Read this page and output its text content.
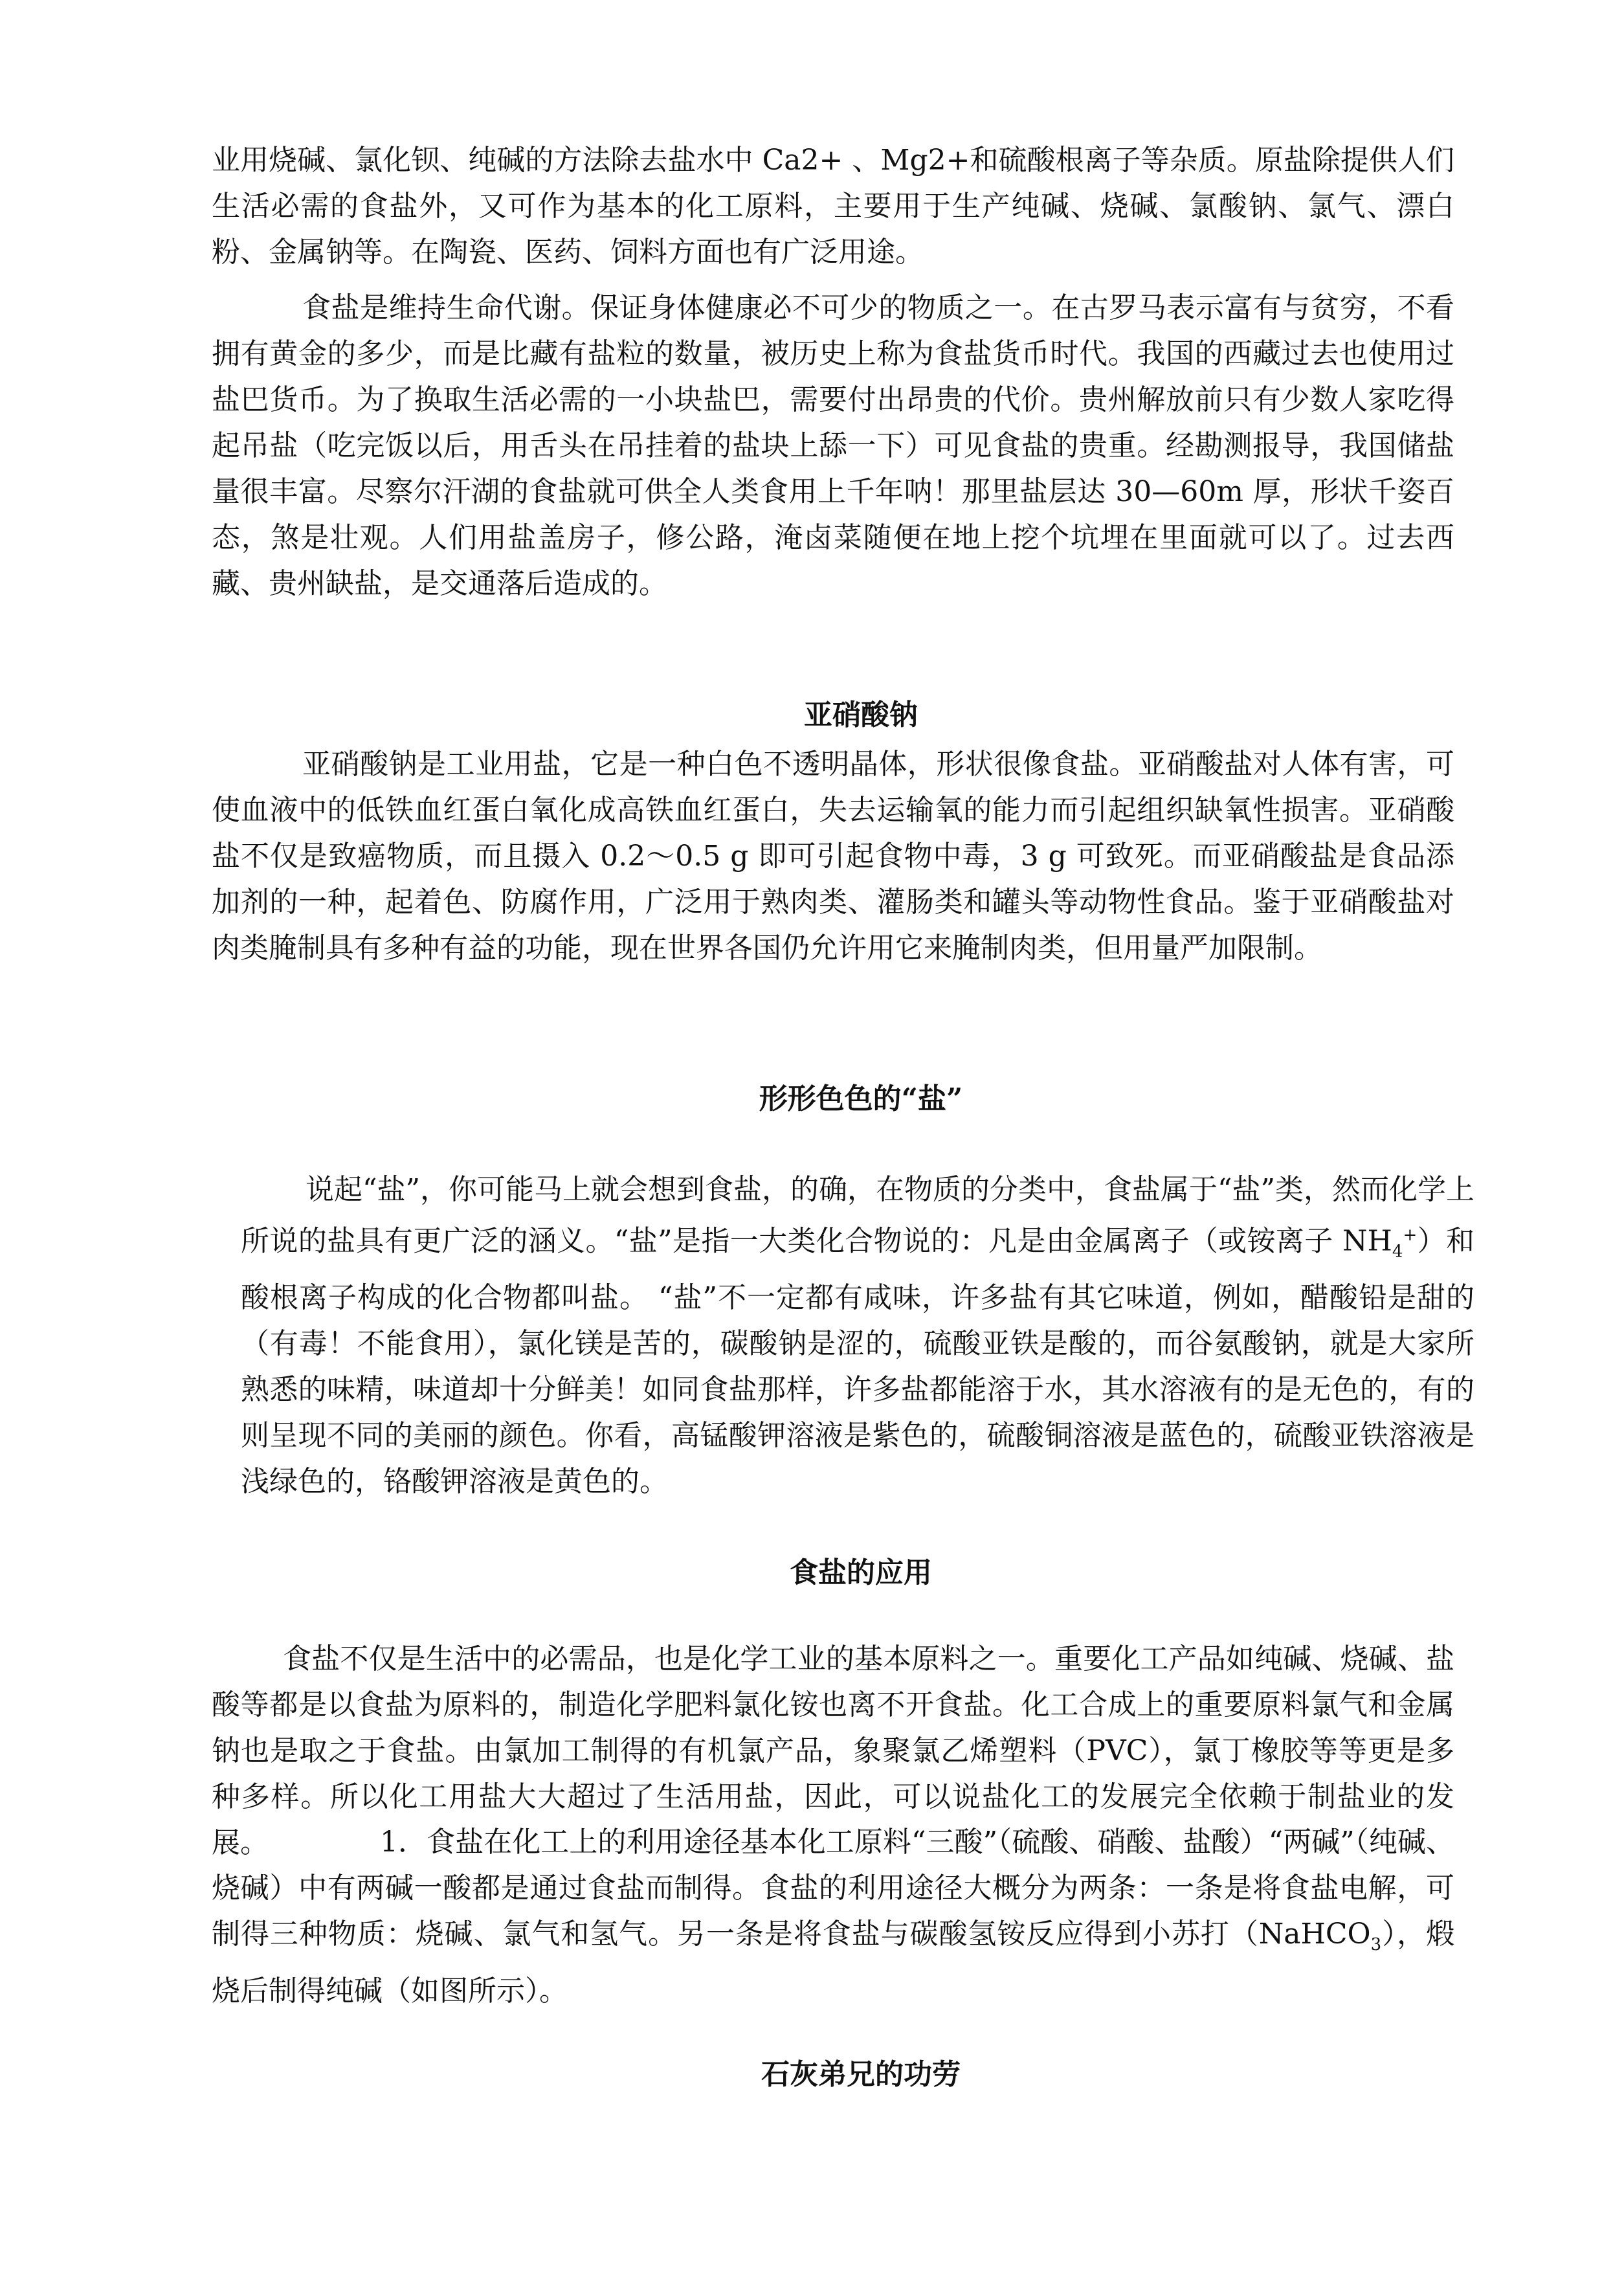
业用烧碱、氯化钡、纯碱的方法除去盐水中 Ca2+ 、Mg2+和硫酸根离子等杂质。原盐除提供人们生活必需的食盐外，又可作为基本的化工原料，主要用于生产纯碱、烧碱、氯酸钠、氯气、漂白粉、金属钠等。在陶瓷、医药、饲料方面也有广泛用途。

食盐是维持生命代谢。保证身体健康必不可少的物质之一。在古罗马表示富有与贫穷，不看拥有黄金的多少，而是比藏有盐粒的数量，被历史上称为食盐货币时代。我国的西藏过去也使用过盐巴货币。为了换取生活必需的一小块盐巴，需要付出昂贵的代价。贵州解放前只有少数人家吃得起吊盐（吃完饭以后，用舌头在吊挂着的盐块上舔一下）可见食盐的贵重。经勘测报导，我国储盐量很丰富。尽察尔汗湖的食盐就可供全人类食用上千年呐！那里盐层达 30—60m 厚，形状千姿百态，煞是壮观。人们用盐盖房子，修公路，淹卤菜随便在地上挖个坑埋在里面就可以了。过去西藏、贵州缺盐，是交通落后造成的。

亚硝酸钠

亚硝酸钠是工业用盐，它是一种白色不透明晶体，形状很像食盐。亚硝酸盐对人体有害，可使血液中的低铁血红蛋白氧化成高铁血红蛋白，失去运输氧的能力而引起组织缺氧性损害。亚硝酸盐不仅是致癌物质，而且摄入 0.2～0.5 g 即可引起食物中毒，3 g 可致死。而亚硝酸盐是食品添加剂的一种，起着色、防腐作用，广泛用于熟肉类、灌肠类和罐头等动物性食品。鉴于亚硝酸盐对肉类腌制具有多种有益的功能，现在世界各国仍允许用它来腌制肉类，但用量严加限制。

形形色色的“盐”

说起“盐”，你可能马上就会想到食盐，的确，在物质的分类中，食盐属于“盐”类，然而化学上所说的盐具有更广泛的涵义。“盐”是指一大类化合物说的：凡是由金属离子（或铵离子 $NH_4^+$）和酸根离子构成的化合物都叫盐。 “盐”不一定都有咸味，许多盐有其它味道，例如，醋酸铅是甜的（有毒！不能食用），氯化镁是苦的，碳酸钠是涩的，硫酸亚铁是酸的，而谷氨酸钠，就是大家所熟悉的味精，味道却十分鲜美！如同食盐那样，许多盐都能溶于水，其水溶液有的是无色的，有的则呈现不同的美丽的颜色。你看，高锰酸钾溶液是紫色的，硫酸铜溶液是蓝色的，硫酸亚铁溶液是浅绿色的，铬酸钾溶液是黄色的。

食盐的应用

食盐不仅是生活中的必需品，也是化学工业的基本原料之一。重要化工产品如纯碱、烧碱、盐酸等都是以食盐为原料的，制造化学肥料氯化铵也离不开食盐。化工合成上的重要原料氯气和金属钠也是取之于食盐。由氯加工制得的有机氯产品，象聚氯乙烯塑料（PVC），氯丁橡胶等等更是多种多样。所以化工用盐大大超过了生活用盐，因此，可以说盐化工的发展完全依赖于制盐业的发展。	1．食盐在化工上的利用途径基本化工原料“三酸”（硫酸、硝酸、盐酸）“两碱”（纯碱、烧碱）中有两碱一酸都是通过食盐而制得。食盐的利用途径大概分为两条：一条是将食盐电解，可制得三种物质：烧碱、氯气和氢气。另一条是将食盐与碳酸氢铵反应得到小苏打（NaHCO$_3$），煅烧后制得纯碱（如图所示）。

石灰弟兄的功劳
